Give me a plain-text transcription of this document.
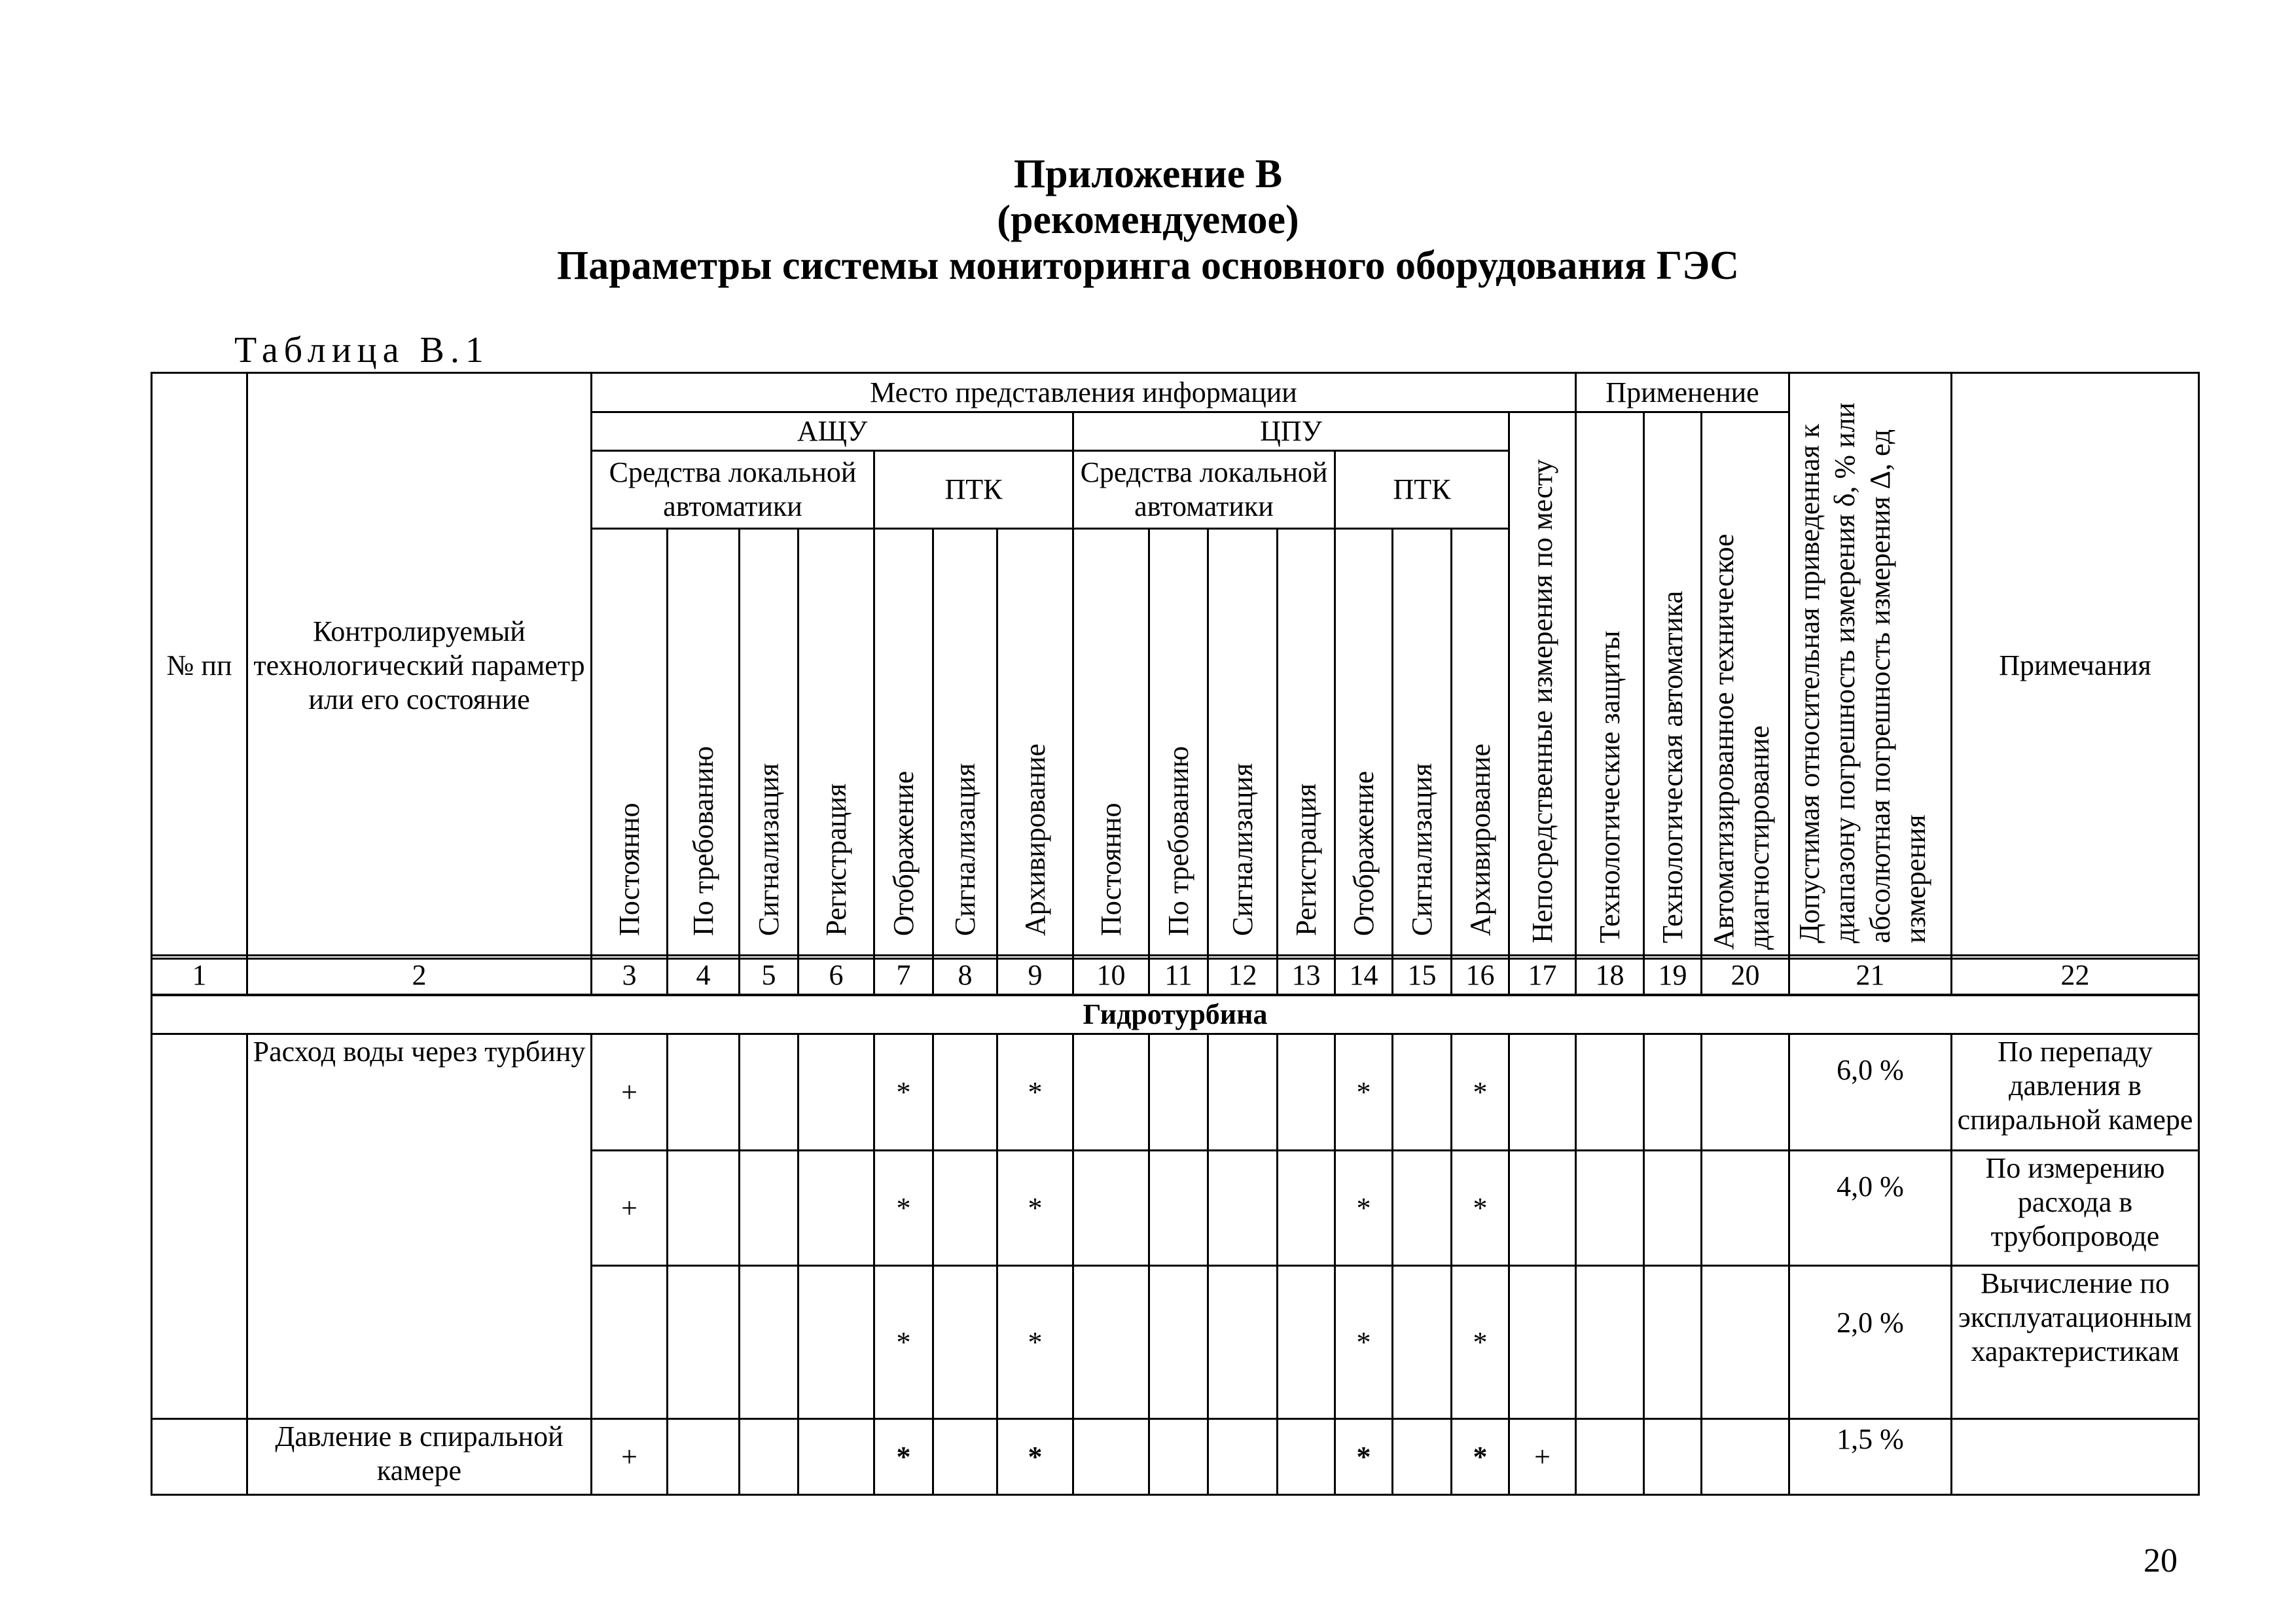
Приложение В
(рекомендуемое)
Параметры системы мониторинга основного оборудования ГЭС
Таблица В.1
№ пп	Контролируемый технологический параметр или его состояние	Место представления информации															Применение			Допустимая относительная приведенная к диапазону погрешность измерения δ, % или абсолютная погрешность измерения Δ, ед измерения	Примечания
		АЩУ							ЦПУ							Непосредственные измерения по месту	Технологические защиты	Технологическая автоматика	Автоматизированное техническое диагностирование		
		Средства локальной автоматики				ПТК			Средства локальной автоматики				ПТК								
		Постоянно	По требованию	Сигнализация	Регистрация	Отображение	Сигнализация	Архивирование	Постоянно	По требованию	Сигнализация	Регистрация	Отображение	Сигнализация	Архивирование						
1	2	3	4	5	6	7	8	9	10	11	12	13	14	15	16	17	18	19	20	21	22
Гидротурбина																					
	Расход воды через турбину	+				*		*					*		*					6,0 %	По перепаду давления в спиральной камере
		+				*		*					*		*					4,0 %	По измерению расхода в трубопроводе
						*		*					*		*					2,0 %	Вычисление по эксплуатационным характеристикам
	Давление в спиральной камере	+				*		*					*		*	+				1,5 %	
20
